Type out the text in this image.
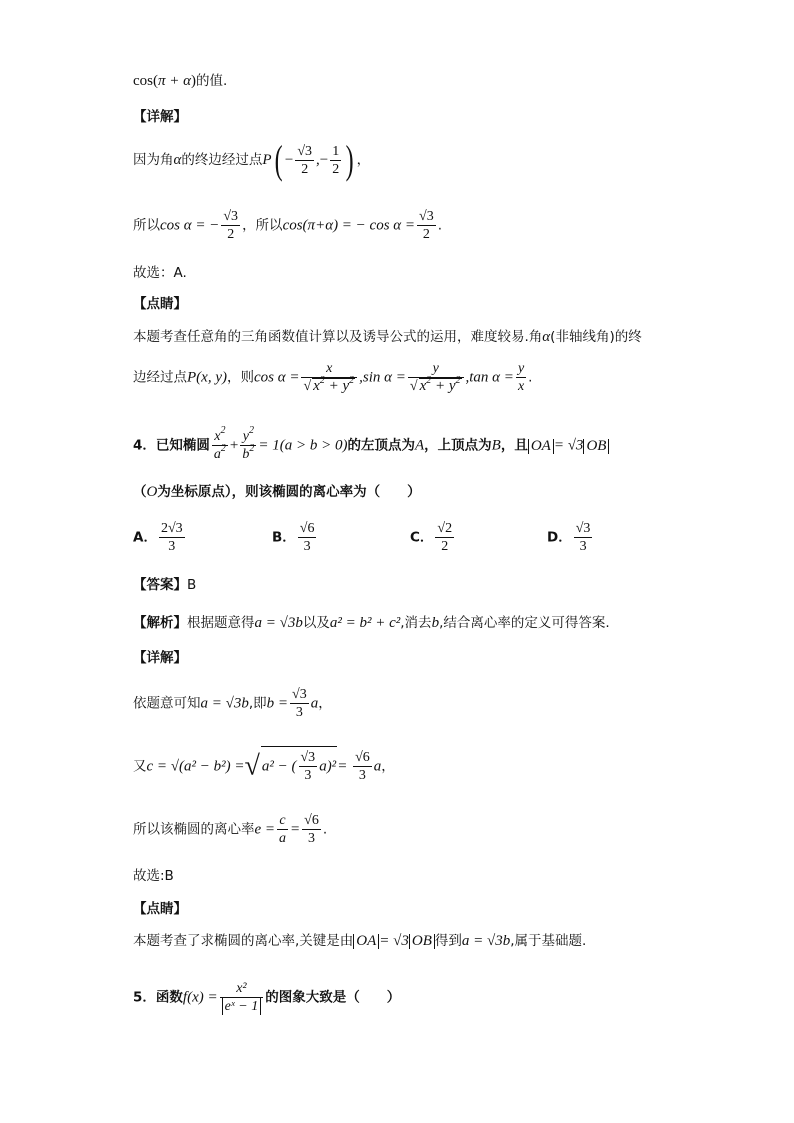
cos(π + α)的值.
【详解】
因为角α的终边经过点$P( - \frac{√3}{2}$ ,− $\frac{1}{2}$ ) ，
所以cos α = − $\frac{√3}{2}$ ，所以cos(π+α) = − $\cos \alpha = \frac{√3}{2}$ .
故选：A.
【点睛】
本题考查任意角的三角函数值计算以及诱导公式的运用，难度较易.角α(非轴线角)的终
边经过点P(x, y)，则$\cos \alpha = \frac{x}{√ x^2 + y^2} ,\sin$ $\alpha = \frac{y}{√ x^2 + y^2} ,\tan$ $\alpha = \frac{y}{x}$ .
4．已知椭圆 $\frac{x^2}{a^2} + \frac{y^2}{b^2} = 1(a > b > 0)$的左顶点为A，上顶点为B，且 OA = √3 OB
（O为坐标原点），则该椭圆的离心率为（　　）
A． $\frac{2√3}{3}$	B． $\frac{√6}{3}$	C． $\frac{√2}{2}$	D． $\frac{√3}{3}$
【答案】B
【解析】根据题意得a = √3b以及a² = b² + c²,消去b,结合离心率的定义可得答案.
【详解】
依题意可知a = √3b,即$b = \frac{√3}{3}$ a，
又c = √(a² − b²) =√ a² − ( $\frac{√3}{3} a)^2= \frac{√6}{3}$ a，
所以该椭圆的离心率$e = \frac{c}{a} = \frac{√6}{3}$ .
故选:B
【点睛】
本题考查了求椭圆的离心率,关键是由 OA = √3 OB 得到a = √3b,属于基础题.
5．函数$f(x) = \frac{\text{x²}}{\text{eˣ − 1}}$ 的图象大致是（　　）
